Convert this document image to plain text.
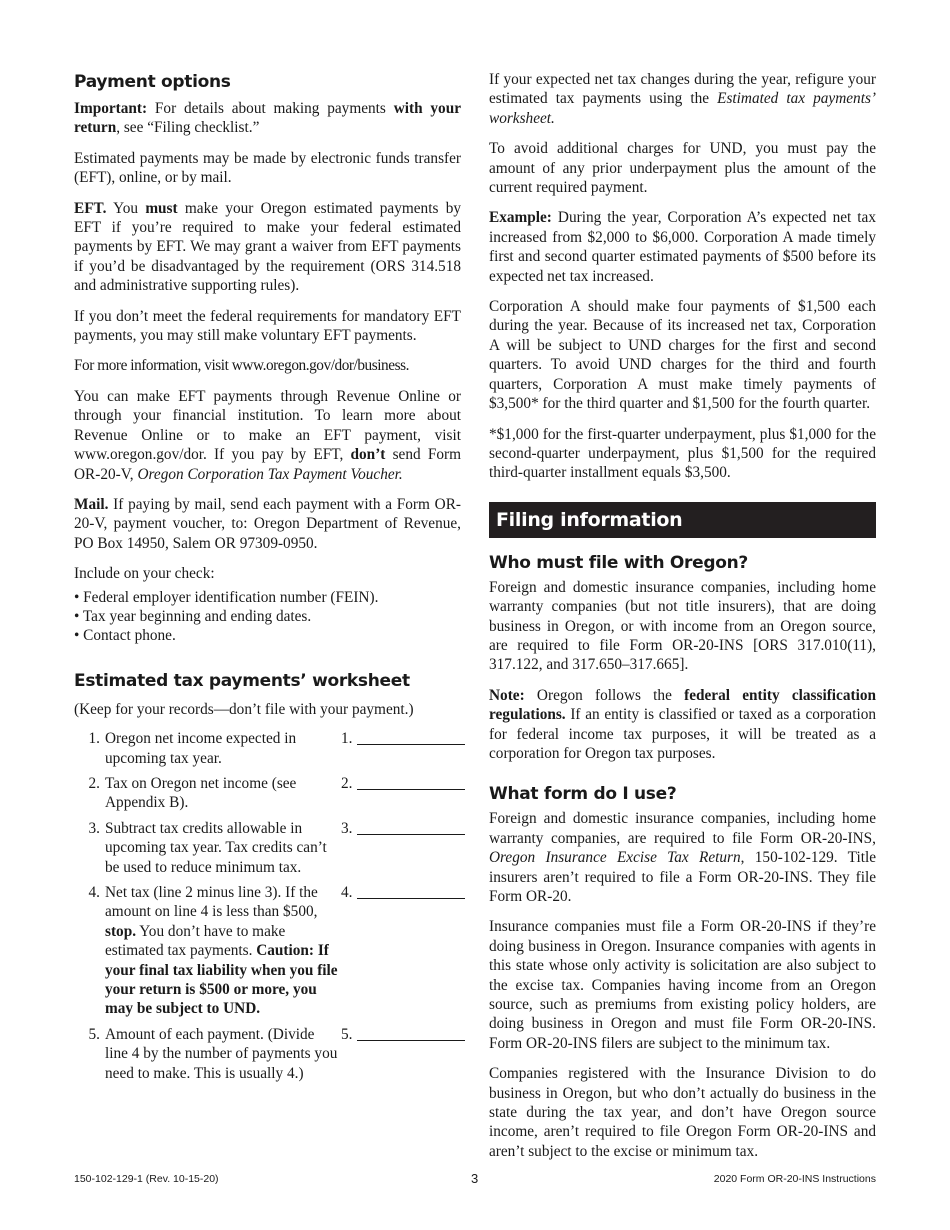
Payment options

Important: For details about making payments with your return, see “Filing checklist.”

Estimated payments may be made by electronic funds transfer (EFT), online, or by mail.

EFT. You must make your Oregon estimated payments by EFT if you’re required to make your federal estimated payments by EFT. We may grant a waiver from EFT payments if you’d be disadvantaged by the requirement (ORS 314.518 and administrative supporting rules).

If you don’t meet the federal requirements for mandatory EFT payments, you may still make voluntary EFT payments.

For more information, visit www.oregon.gov/dor/business.

You can make EFT payments through Revenue Online or through your financial institution. To learn more about Revenue Online or to make an EFT payment, visit www.oregon.gov/dor. If you pay by EFT, don’t send Form OR-20-V, Oregon Corporation Tax Payment Voucher.

Mail. If paying by mail, send each payment with a Form OR-20-V, payment voucher, to: Oregon Department of Revenue, PO Box 14950, Salem OR 97309-0950.

Include on your check:

• Federal employer identification number (FEIN).
• Tax year beginning and ending dates.
• Contact phone.
Estimated tax payments’ worksheet

(Keep for your records—don’t file with your payment.)

1. Oregon net income expected in upcoming tax year.
1.
2. Tax on Oregon net income (see Appendix B).
2.
3. Subtract tax credits allowable in upcoming tax year. Tax credits can’t be used to reduce minimum tax.
3.
4. Net tax (line 2 minus line 3). If the amount on line 4 is less than $500, stop. You don’t have to make estimated tax payments. Caution: If your final tax liability when you file your return is $500 or more, you may be subject to UND.
4.
5. Amount of each payment. (Divide line 4 by the number of payments you need to make. This is usually 4.)
5.

If your expected net tax changes during the year, refigure your estimated tax payments using the Estimated tax payments’ worksheet.

To avoid additional charges for UND, you must pay the amount of any prior underpayment plus the amount of the current required payment.

Example: During the year, Corporation A’s expected net tax increased from $2,000 to $6,000. Corporation A made timely first and second quarter estimated payments of $500 before its expected net tax increased.

Corporation A should make four payments of $1,500 each during the year. Because of its increased net tax, Corporation A will be subject to UND charges for the first and second quarters. To avoid UND charges for the third and fourth quarters, Corporation A must make timely payments of $3,500* for the third quarter and $1,500 for the fourth quarter.

*$1,000 for the first-quarter underpayment, plus $1,000 for the second-quarter underpayment, plus $1,500 for the required third-quarter installment equals $3,500.

Filing information
Who must file with Oregon?

Foreign and domestic insurance companies, including home warranty companies (but not title insurers), that are doing business in Oregon, or with income from an Oregon source, are required to file Form OR-20-INS [ORS 317.010(11), 317.122, and 317.650–317.665].

Note: Oregon follows the federal entity classification regulations. If an entity is classified or taxed as a corporation for federal income tax purposes, it will be treated as a corporation for Oregon tax purposes.

What form do I use?

Foreign and domestic insurance companies, including home warranty companies, are required to file Form OR-20-INS, Oregon Insurance Excise Tax Return, 150-102-129. Title insurers aren’t required to file a Form OR-20-INS. They file Form OR-20.

Insurance companies must file a Form OR-20-INS if they’re doing business in Oregon. Insurance companies with agents in this state whose only activity is solicitation are also subject to the excise tax. Companies having income from an Oregon source, such as premiums from existing policy holders, are doing business in Oregon and must file Form OR-20-INS. Form OR-20-INS filers are subject to the minimum tax.

Companies registered with the Insurance Division to do business in Oregon, but who don’t actually do business in the state during the tax year, and don’t have Oregon source income, aren’t required to file Oregon Form OR-20-INS and aren’t subject to the excise or minimum tax.

150-102-129-1 (Rev. 10-15-20)	3	2020 Form OR-20-INS Instructions
